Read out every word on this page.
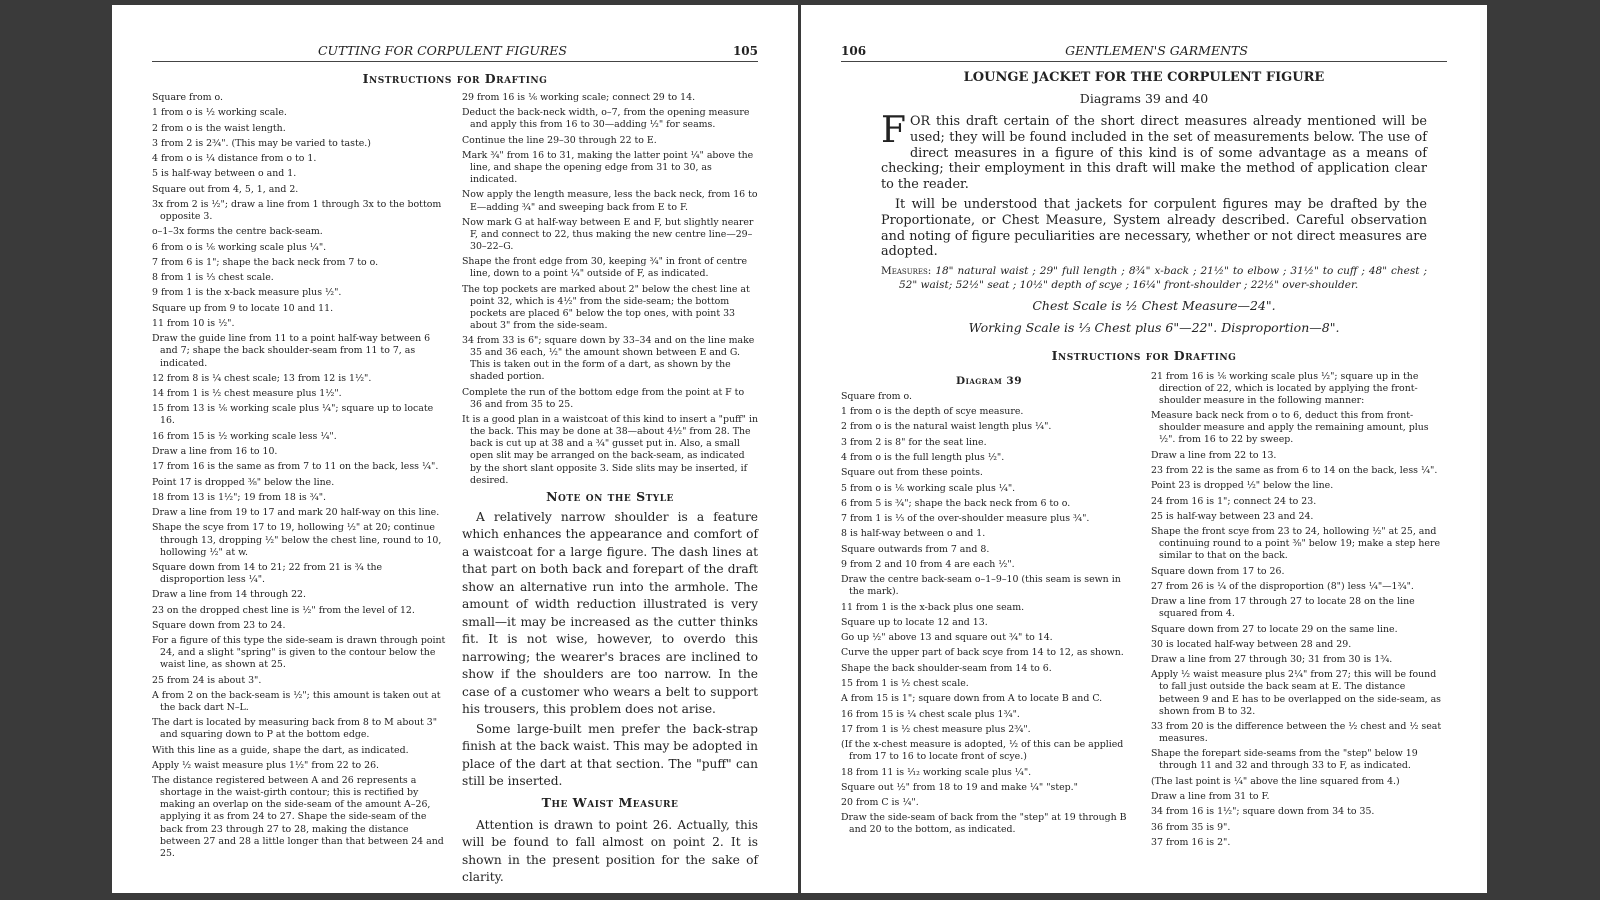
CUTTING FOR CORPULENT FIGURES	105
Instructions for Drafting

Square from o.

1 from o is ½ working scale.

2 from o is the waist length.

3 from 2 is 2¾". (This may be varied to taste.)

4 from o is ¼ distance from o to 1.

5 is half-way between o and 1.

Square out from 4, 5, 1, and 2.

3x from 2 is ½"; draw a line from 1 through 3x to the bottom opposite 3.

o–1–3x forms the centre back-seam.

6 from o is ⅙ working scale plus ¼".

7 from 6 is 1"; shape the back neck from 7 to o.

8 from 1 is ⅓ chest scale.

9 from 1 is the x-back measure plus ½".

Square up from 9 to locate 10 and 11.

11 from 10 is ½".

Draw the guide line from 11 to a point half-way between 6 and 7; shape the back shoulder-seam from 11 to 7, as indicated.

12 from 8 is ¼ chest scale; 13 from 12 is 1½".

14 from 1 is ½ chest measure plus 1½".

15 from 13 is ⅙ working scale plus ¼"; square up to locate 16.

16 from 15 is ½ working scale less ¼".

Draw a line from 16 to 10.

17 from 16 is the same as from 7 to 11 on the back, less ¼".

Point 17 is dropped ⅜" below the line.

18 from 13 is 1½"; 19 from 18 is ¾".

Draw a line from 19 to 17 and mark 20 half-way on this line.

Shape the scye from 17 to 19, hollowing ½" at 20; continue through 13, dropping ½" below the chest line, round to 10, hollowing ½" at w.

Square down from 14 to 21; 22 from 21 is ¾ the disproportion less ¼".

Draw a line from 14 through 22.

23 on the dropped chest line is ½" from the level of 12.

Square down from 23 to 24.

For a figure of this type the side-seam is drawn through point 24, and a slight "spring" is given to the contour below the waist line, as shown at 25.

25 from 24 is about 3".

A from 2 on the back-seam is ½"; this amount is taken out at the back dart N–L.

The dart is located by measuring back from 8 to M about 3" and squaring down to P at the bottom edge.

With this line as a guide, shape the dart, as indicated.

Apply ½ waist measure plus 1½" from 22 to 26.

The distance registered between A and 26 represents a shortage in the waist-girth contour; this is rectified by making an overlap on the side-seam of the amount A–26, applying it as from 24 to 27. Shape the side-seam of the back from 23 through 27 to 28, making the distance between 27 and 28 a little longer than that between 24 and 25.

29 from 16 is ⅙ working scale; connect 29 to 14.

Deduct the back-neck width, o–7, from the opening measure and apply this from 16 to 30—adding ½" for seams.

Continue the line 29–30 through 22 to E.

Mark ¾" from 16 to 31, making the latter point ¼" above the line, and shape the opening edge from 31 to 30, as indicated.

Now apply the length measure, less the back neck, from 16 to E—adding ¾" and sweeping back from E to F.

Now mark G at half-way between E and F, but slightly nearer F, and connect to 22, thus making the new centre line—29–30–22–G.

Shape the front edge from 30, keeping ¾" in front of centre line, down to a point ¼" outside of F, as indicated.

The top pockets are marked about 2" below the chest line at point 32, which is 4½" from the side-seam; the bottom pockets are placed 6" below the top ones, with point 33 about 3" from the side-seam.

34 from 33 is 6"; square down by 33–34 and on the line make 35 and 36 each, ½" the amount shown between E and G. This is taken out in the form of a dart, as shown by the shaded portion.

Complete the run of the bottom edge from the point at F to 36 and from 35 to 25.

It is a good plan in a waistcoat of this kind to insert a "puff" in the back. This may be done at 38—about 4½" from 28. The back is cut up at 38 and a ¾" gusset put in. Also, a small open slit may be arranged on the back-seam, as indicated by the short slant opposite 3. Side slits may be inserted, if desired.

Note on the Style

A relatively narrow shoulder is a feature which enhances the appearance and comfort of a waistcoat for a large figure. The dash lines at that part on both back and forepart of the draft show an alternative run into the armhole. The amount of width reduction illustrated is very small—it may be increased as the cutter thinks fit. It is not wise, however, to overdo this narrowing; the wearer's braces are inclined to show if the shoulders are too narrow. In the case of a customer who wears a belt to support his trousers, this problem does not arise.

Some large-built men prefer the back-strap finish at the back waist. This may be adopted in place of the dart at that section. The "puff" can still be inserted.

The Waist Measure

Attention is drawn to point 26. Actually, this will be found to fall almost on point 2. It is shown in the present position for the sake of clarity.

106	GENTLEMEN'S GARMENTS
LOUNGE JACKET FOR THE CORPULENT FIGURE
Diagrams 39 and 40

FOR this draft certain of the short direct measures already mentioned will be used; they will be found included in the set of measurements below. The use of direct measures in a figure of this kind is of some advantage as a means of checking; their employment in this draft will make the method of application clear to the reader.

It will be understood that jackets for corpulent figures may be drafted by the Proportionate, or Chest Measure, System already described. Careful observation and noting of figure peculiarities are necessary, whether or not direct measures are adopted.

Measures: 18" natural waist ; 29" full length ; 8¾" x-back ; 21½" to elbow ; 31½" to cuff ; 48" chest ; 52" waist; 52½" seat ; 10½" depth of scye ; 16¼" front-shoulder ; 22½" over-shoulder.
Chest Scale is ½ Chest Measure—24".
Working Scale is ⅓ Chest plus 6"—22". Disproportion—8".
Instructions for Drafting
Diagram 39

Square from o.

1 from o is the depth of scye measure.

2 from o is the natural waist length plus ¼".

3 from 2 is 8" for the seat line.

4 from o is the full length plus ½".

Square out from these points.

5 from o is ⅙ working scale plus ¼".

6 from 5 is ¾"; shape the back neck from 6 to o.

7 from 1 is ⅓ of the over-shoulder measure plus ¾".

8 is half-way between o and 1.

Square outwards from 7 and 8.

9 from 2 and 10 from 4 are each ½".

Draw the centre back-seam o–1–9–10 (this seam is sewn in the mark).

11 from 1 is the x-back plus one seam.

Square up to locate 12 and 13.

Go up ½" above 13 and square out ¾" to 14.

Curve the upper part of back scye from 14 to 12, as shown.

Shape the back shoulder-seam from 14 to 6.

15 from 1 is ½ chest scale.

A from 15 is 1"; square down from A to locate B and C.

16 from 15 is ¼ chest scale plus 1¾".

17 from 1 is ½ chest measure plus 2¾".

(If the x-chest measure is adopted, ½ of this can be applied from 17 to 16 to locate front of scye.)

18 from 11 is ¹⁄₁₂ working scale plus ¼".

Square out ½" from 18 to 19 and make ¼" "step."

20 from C is ¼".

Draw the side-seam of back from the "step" at 19 through B and 20 to the bottom, as indicated.

21 from 16 is ⅙ working scale plus ½"; square up in the direction of 22, which is located by applying the front-shoulder measure in the following manner:

Measure back neck from o to 6, deduct this from front-shoulder measure and apply the remaining amount, plus ½". from 16 to 22 by sweep.

Draw a line from 22 to 13.

23 from 22 is the same as from 6 to 14 on the back, less ¼".

Point 23 is dropped ½" below the line.

24 from 16 is 1"; connect 24 to 23.

25 is half-way between 23 and 24.

Shape the front scye from 23 to 24, hollowing ½" at 25, and continuing round to a point ⅜" below 19; make a step here similar to that on the back.

Square down from 17 to 26.

27 from 26 is ¼ of the disproportion (8") less ¼"—1¾".

Draw a line from 17 through 27 to locate 28 on the line squared from 4.

Square down from 27 to locate 29 on the same line.

30 is located half-way between 28 and 29.

Draw a line from 27 through 30; 31 from 30 is 1¾.

Apply ½ waist measure plus 2¼" from 27; this will be found to fall just outside the back seam at E. The distance between 9 and E has to be overlapped on the side-seam, as shown from B to 32.

33 from 20 is the difference between the ½ chest and ½ seat measures.

Shape the forepart side-seams from the "step" below 19 through 11 and 32 and through 33 to F, as indicated.

(The last point is ¼" above the line squared from 4.)

Draw a line from 31 to F.

34 from 16 is 1½"; square down from 34 to 35.

36 from 35 is 9".

37 from 16 is 2".
